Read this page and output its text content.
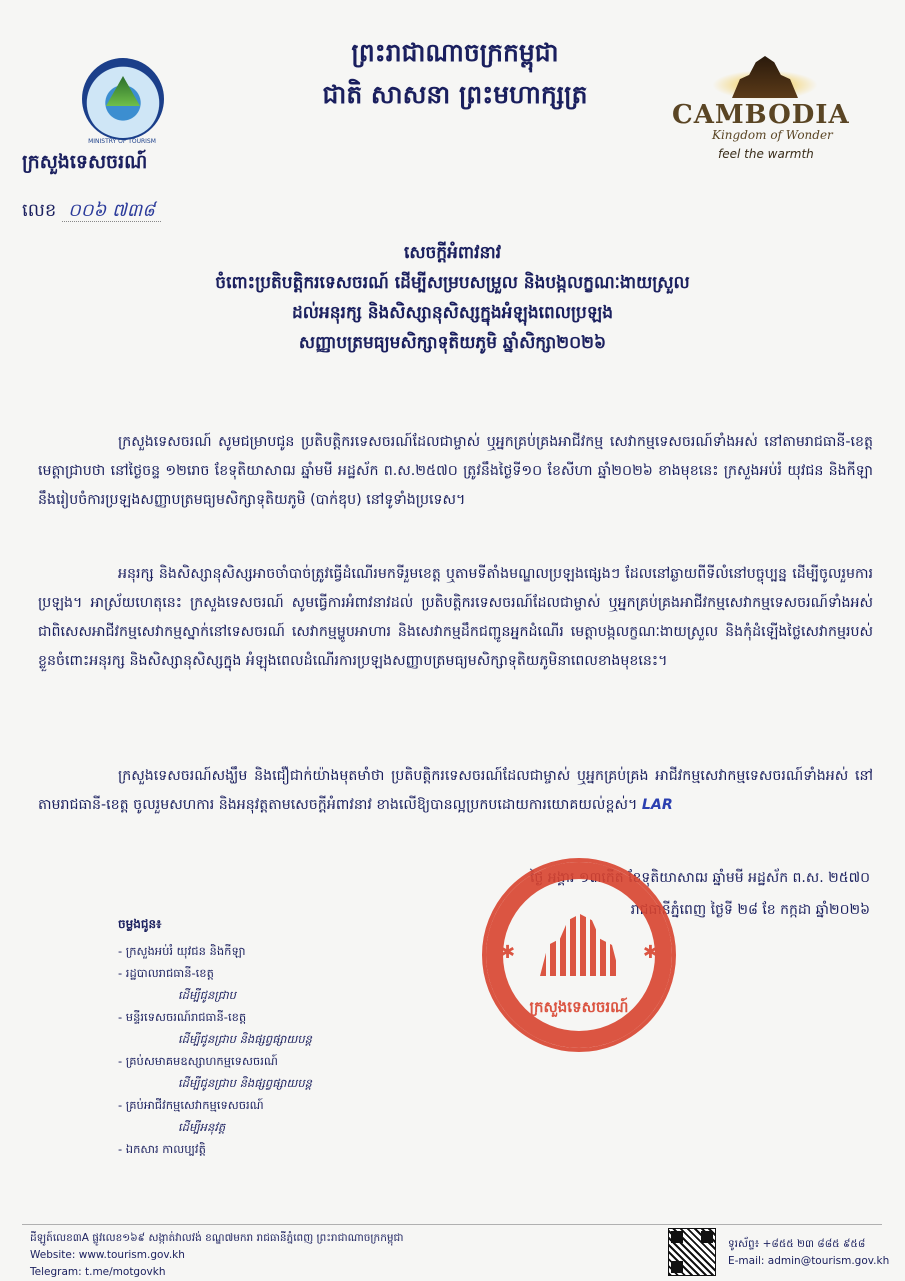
MINISTRY OF TOURISM
ព្រះរាជាណាចក្រកម្ពុជា
ជាតិ សាសនា ព្រះមហាក្សត្រ
CAMBODIA
Kingdom of Wonder
feel the warmth
ក្រសួងទេសចរណ៍
លេខ ០០៦ ៧៣៨
សេចក្តីអំពាវនាវ
ចំពោះប្រតិបត្តិករទេសចរណ៍ ដើម្បីសម្របសម្រួល និងបង្កលក្ខណៈងាយស្រួល
ដល់អនុរក្ស និងសិស្សានុសិស្សក្នុងអំឡុងពេលប្រឡង
សញ្ញាបត្រមធ្យមសិក្សាទុតិយភូមិ ឆ្នាំសិក្សា២០២៦
ក្រសួងទេសចរណ៍ សូមជម្រាបជូន ប្រតិបត្តិករទេសចរណ៍ដែលជាម្ចាស់ ឬអ្នកគ្រប់គ្រងអាជីវកម្ម សេវាកម្មទេសចរណ៍ទាំងអស់ នៅតាមរាជធានី-ខេត្ត មេត្តាជ្រាបថា នៅថ្ងៃចន្ទ ១២រោច ខែទុតិយាសាឍ ឆ្នាំមមី អដ្ឋស័ក ព.ស.២៥៧០ ត្រូវនឹងថ្ងៃទី១០ ខែសីហា ឆ្នាំ២០២៦ ខាងមុខនេះ ក្រសួងអប់រំ យុវជន និងកីឡា នឹងរៀបចំការប្រឡងសញ្ញាបត្រមធ្យមសិក្សាទុតិយភូមិ (បាក់ឌុប) នៅទូទាំងប្រទេស។
អនុរក្ស និងសិស្សានុសិស្សអាចចាំបាច់ត្រូវធ្វើដំណើរមកទីរួមខេត្ត ឬតាមទីតាំងមណ្ឌលប្រឡងផ្សេងៗ ដែលនៅឆ្ងាយពីទីលំនៅបច្ចុប្បន្ន ដើម្បីចូលរួមការប្រឡង។ អាស្រ័យហេតុនេះ ក្រសួងទេសចរណ៍ សូមធ្វើការអំពាវនាវដល់ ប្រតិបត្តិករទេសចរណ៍ដែលជាម្ចាស់ ឬអ្នកគ្រប់គ្រងអាជីវកម្មសេវាកម្មទេសចរណ៍ទាំងអស់ ជាពិសេសអាជីវកម្មសេវាកម្មស្នាក់នៅទេសចរណ៍ សេវាកម្មម្ហូបអាហារ និងសេវាកម្មដឹកជញ្ជូនអ្នកដំណើរ មេត្តាបង្កលក្ខណៈងាយស្រួល និងកុំដំឡើងថ្លៃសេវាកម្មរបស់ខ្លួនចំពោះអនុរក្ស និងសិស្សានុសិស្សក្នុង អំឡុងពេលដំណើរការប្រឡងសញ្ញាបត្រមធ្យមសិក្សាទុតិយភូមិនាពេលខាងមុខនេះ។
ក្រសួងទេសចរណ៍សង្ឃឹម និងជឿជាក់យ៉ាងមុតមាំថា ប្រតិបត្តិករទេសចរណ៍ដែលជាម្ចាស់ ឬអ្នកគ្រប់គ្រង អាជីវកម្មសេវាកម្មទេសចរណ៍ទាំងអស់ នៅតាមរាជធានី-ខេត្ត ចូលរួមសហការ និងអនុវត្តតាមសេចក្តីអំពាវនាវ ខាងលើឱ្យបានល្អប្រកបដោយការយោគយល់ខ្ពស់។ LAR
ថ្ងៃ អង្គារ ១៣កើត ខែទុតិយាសាឍ ឆ្នាំមមី អដ្ឋស័ក ព.ស. ២៥៧០
រាជធានីភ្នំពេញ ថ្ងៃទី ២៨ ខែ កក្កដា ឆ្នាំ២០២៦
✱	✱
ក្រសួងទេសចរណ៍
ចម្លងជូន៖
- ក្រសួងអប់រំ យុវជន និងកីឡា
- រដ្ឋបាលរាជធានី-ខេត្ត
ដើម្បីជូនជ្រាប
- មន្ទីរទេសចរណ៍រាជធានី-ខេត្ត
ដើម្បីជូនជ្រាប និងផ្សព្វផ្សាយបន្ត
- គ្រប់សមាគមឧស្សាហកម្មទេសចរណ៍
ដើម្បីជូនជ្រាប និងផ្សព្វផ្សាយបន្ត
- គ្រប់អាជីវកម្មសេវាកម្មទេសចរណ៍
ដើម្បីអនុវត្ត
- ឯកសារ កាលប្បវត្តិ
ដីឡូត៍លេខ៣A ផ្លូវលេខ១៦៩ សង្កាត់វាលវង់ ខណ្ឌ៧មករា រាជធានីភ្នំពេញ ព្រះរាជាណាចក្រកម្ពុជា
Website: www.tourism.gov.kh
Telegram: t.me/motgovkh
ទូរស័ព្ទ៖ +៨៥៥ ២៣ ៨៨៥ ៩៥៨
E-mail: admin@tourism.gov.kh
